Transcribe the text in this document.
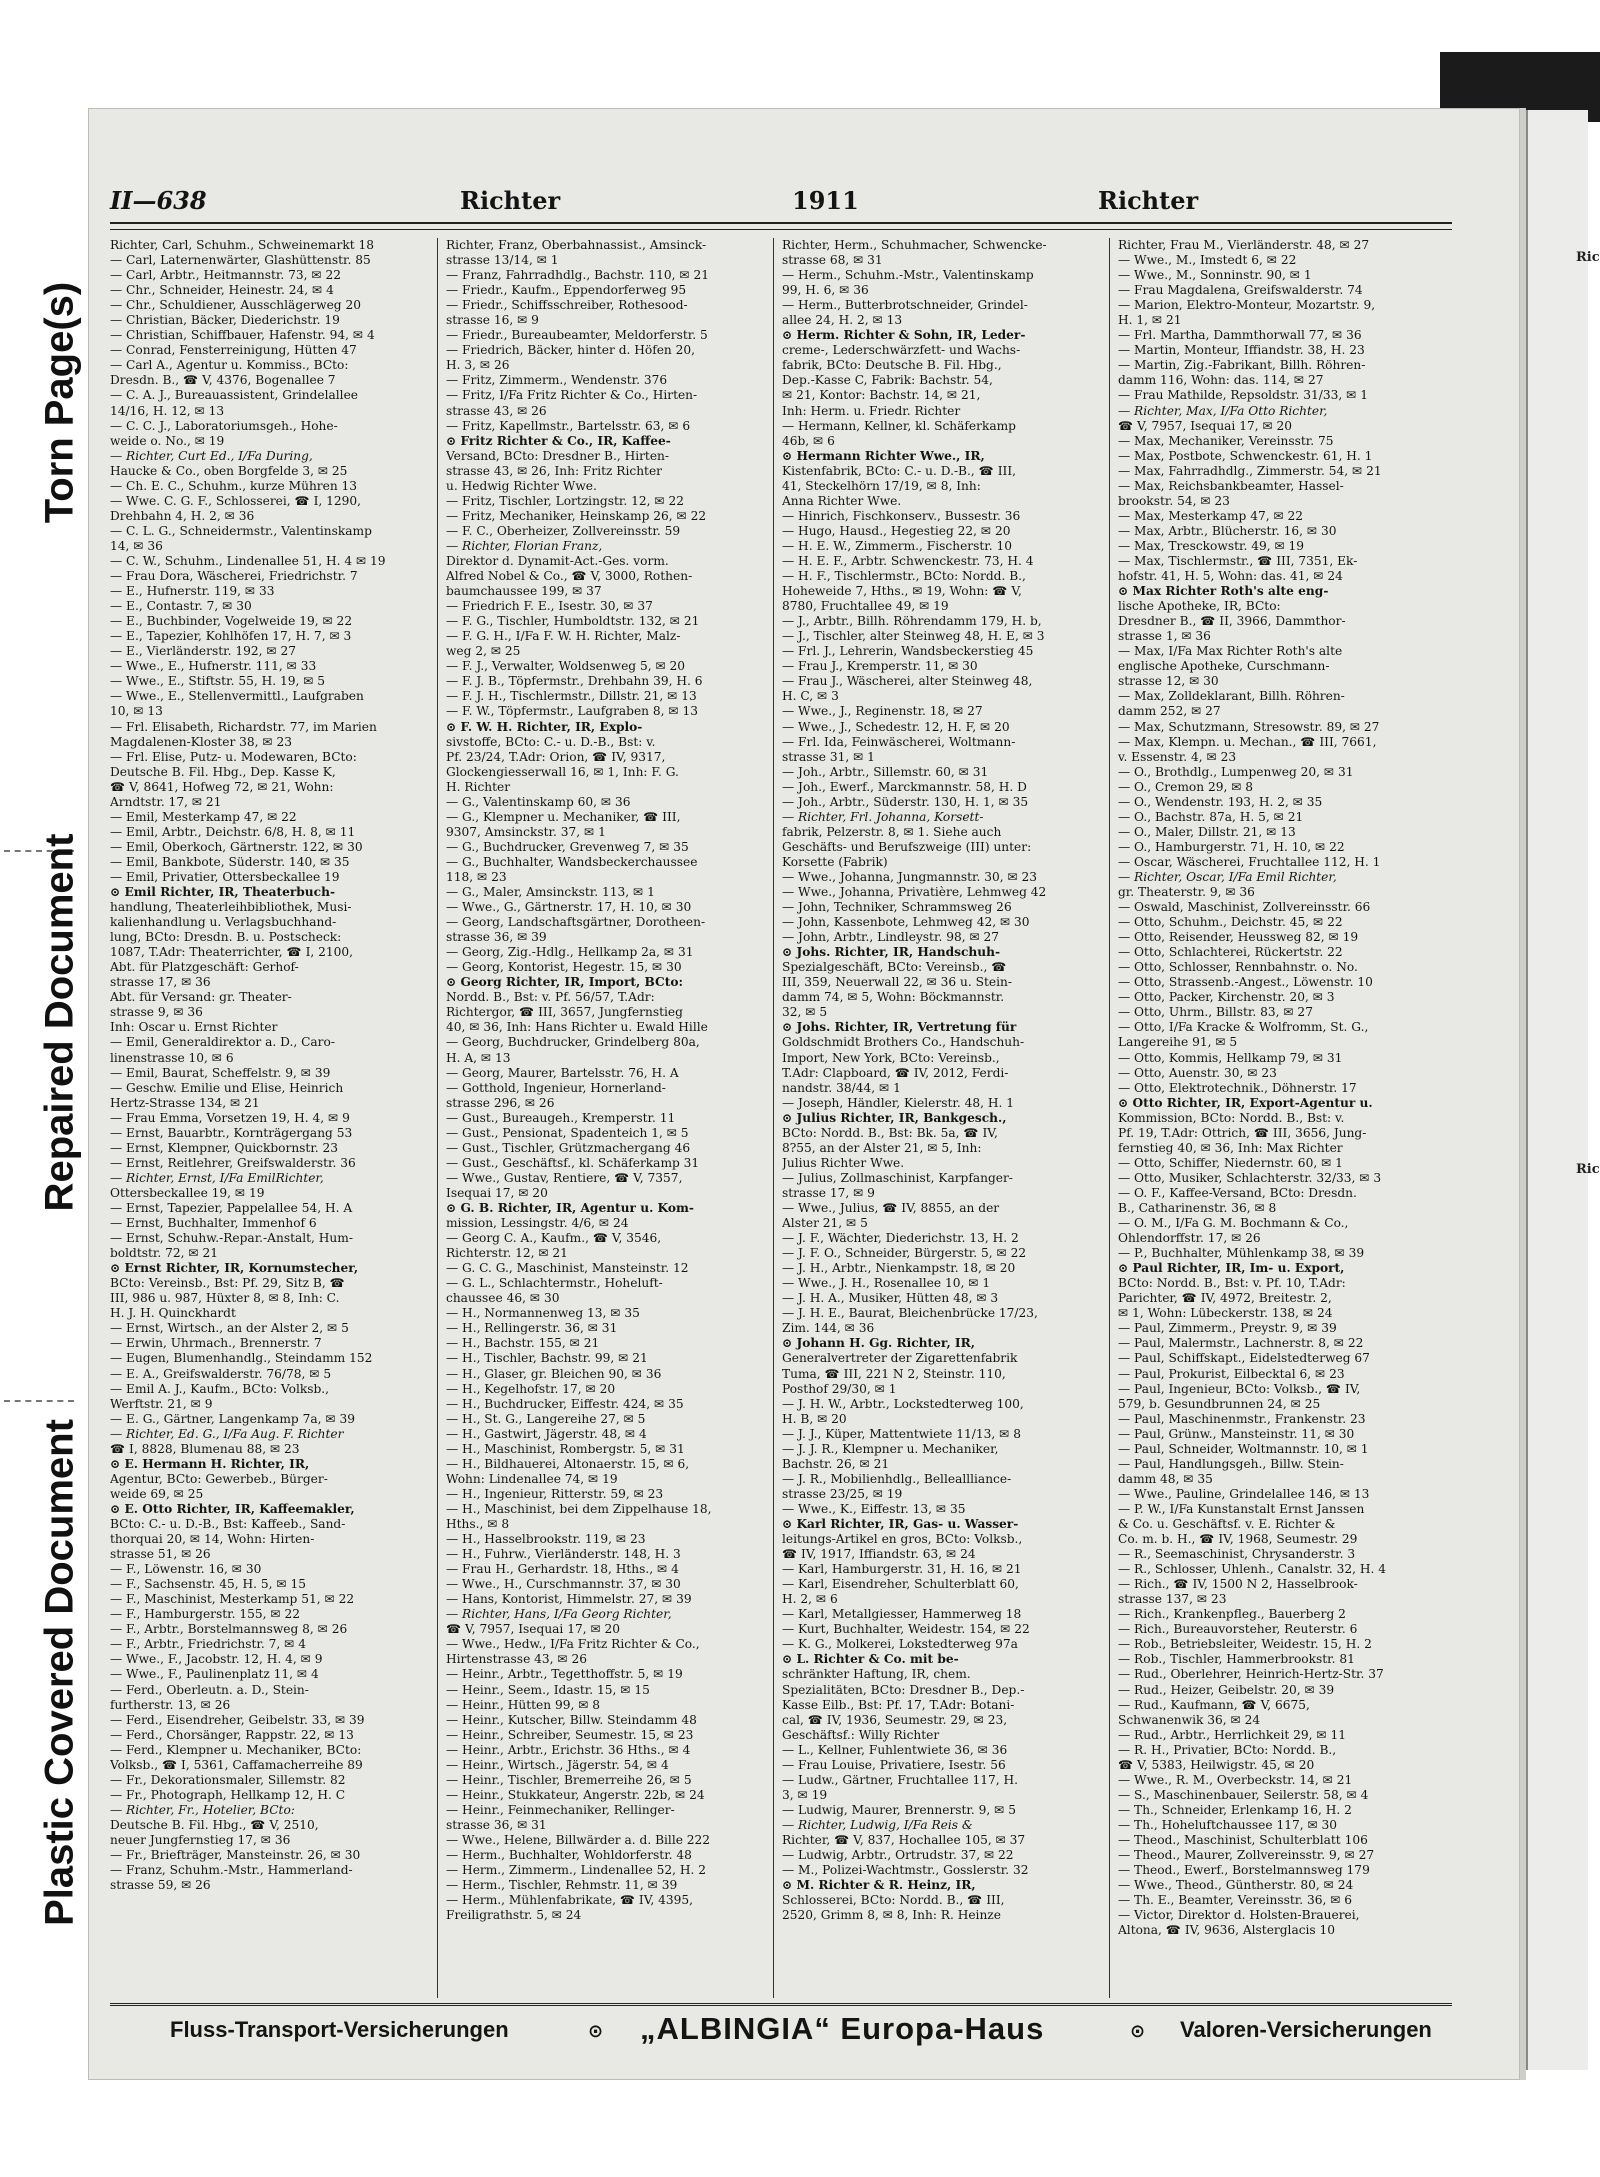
Torn Page(s)
Repaired Document
Plastic Covered Document
Ric
Ric
II—638	Richter	1911	Richter
Richter, Carl, Schuhm., Schweinemarkt 18
— Carl, Laternenwärter, Glashüttenstr. 85
— Carl, Arbtr., Heitmannstr. 73, ✉ 22
— Chr., Schneider, Heinestr. 24, ✉ 4
— Chr., Schuldiener, Ausschlägerweg 20
— Christian, Bäcker, Diederichstr. 19
— Christian, Schiffbauer, Hafenstr. 94, ✉ 4
— Conrad, Fensterreinigung, Hütten 47
— Carl A., Agentur u. Kommiss., BCto:
Dresdn. B., ☎ V, 4376, Bogenallee 7
— C. A. J., Bureauassistent, Grindelallee
14/16, H. 12, ✉ 13
— C. C. J., Laboratoriumsgeh., Hohe-
weide o. No., ✉ 19
— Richter, Curt Ed., I/Fa During,
Haucke & Co., oben Borgfelde 3, ✉ 25
— Ch. E. C., Schuhm., kurze Mühren 13
— Wwe. C. G. F., Schlosserei, ☎ I, 1290,
Drehbahn 4, H. 2, ✉ 36
— C. L. G., Schneidermstr., Valentinskamp
14, ✉ 36
— C. W., Schuhm., Lindenallee 51, H. 4 ✉ 19
— Frau Dora, Wäscherei, Friedrichstr. 7
— E., Hufnerstr. 119, ✉ 33
— E., Contastr. 7, ✉ 30
— E., Buchbinder, Vogelweide 19, ✉ 22
— E., Tapezier, Kohlhöfen 17, H. 7, ✉ 3
— E., Vierländerstr. 192, ✉ 27
— Wwe., E., Hufnerstr. 111, ✉ 33
— Wwe., E., Stiftstr. 55, H. 19, ✉ 5
— Wwe., E., Stellenvermittl., Laufgraben
10, ✉ 13
— Frl. Elisabeth, Richardstr. 77, im Marien
Magdalenen-Kloster 38, ✉ 23
— Frl. Elise, Putz- u. Modewaren, BCto:
Deutsche B. Fil. Hbg., Dep. Kasse K,
☎ V, 8641, Hofweg 72, ✉ 21, Wohn:
Arndtstr. 17, ✉ 21
— Emil, Mesterkamp 47, ✉ 22
— Emil, Arbtr., Deichstr. 6/8, H. 8, ✉ 11
— Emil, Oberkoch, Gärtnerstr. 122, ✉ 30
— Emil, Bankbote, Süderstr. 140, ✉ 35
— Emil, Privatier, Ottersbeckallee 19
⊙ Emil Richter, IR, Theaterbuch-
handlung, Theaterleihbibliothek, Musi-
kalienhandlung u. Verlagsbuchhand-
lung, BCto: Dresdn. B. u. Postscheck:
1087, T.Adr: Theaterrichter, ☎ I, 2100,
Abt. für Platzgeschäft: Gerhof-
strasse 17, ✉ 36
Abt. für Versand: gr. Theater-
strasse 9, ✉ 36
Inh: Oscar u. Ernst Richter
— Emil, Generaldirektor a. D., Caro-
linenstrasse 10, ✉ 6
— Emil, Baurat, Scheffelstr. 9, ✉ 39
— Geschw. Emilie und Elise, Heinrich
Hertz-Strasse 134, ✉ 21
— Frau Emma, Vorsetzen 19, H. 4, ✉ 9
— Ernst, Bauarbtr., Kornträgergang 53
— Ernst, Klempner, Quickbornstr. 23
— Ernst, Reitlehrer, Greifswalderstr. 36
— Richter, Ernst, I/Fa EmilRichter,
Ottersbeckallee 19, ✉ 19
— Ernst, Tapezier, Pappelallee 54, H. A
— Ernst, Buchhalter, Immenhof 6
— Ernst, Schuhw.-Repar.-Anstalt, Hum-
boldtstr. 72, ✉ 21
⊙ Ernst Richter, IR, Kornumstecher,
BCto: Vereinsb., Bst: Pf. 29, Sitz B, ☎
III, 986 u. 987, Hüxter 8, ✉ 8, Inh: C.
H. J. H. Quinckhardt
— Ernst, Wirtsch., an der Alster 2, ✉ 5
— Erwin, Uhrmach., Brennerstr. 7
— Eugen, Blumenhandlg., Steindamm 152
— E. A., Greifswalderstr. 76/78, ✉ 5
— Emil A. J., Kaufm., BCto: Volksb.,
Werftstr. 21, ✉ 9
— E. G., Gärtner, Langenkamp 7a, ✉ 39
— Richter, Ed. G., I/Fa Aug. F. Richter
☎ I, 8828, Blumenau 88, ✉ 23
⊙ E. Hermann H. Richter, IR,
Agentur, BCto: Gewerbeb., Bürger-
weide 69, ✉ 25
⊙ E. Otto Richter, IR, Kaffeemakler,
BCto: C.- u. D.-B., Bst: Kaffeeb., Sand-
thorquai 20, ✉ 14, Wohn: Hirten-
strasse 51, ✉ 26
— F., Löwenstr. 16, ✉ 30
— F., Sachsenstr. 45, H. 5, ✉ 15
— F., Maschinist, Mesterkamp 51, ✉ 22
— F., Hamburgerstr. 155, ✉ 22
— F., Arbtr., Borstelmannsweg 8, ✉ 26
— F., Arbtr., Friedrichstr. 7, ✉ 4
— Wwe., F., Jacobstr. 12, H. 4, ✉ 9
— Wwe., F., Paulinenplatz 11, ✉ 4
— Ferd., Oberleutn. a. D., Stein-
furtherstr. 13, ✉ 26
— Ferd., Eisendreher, Geibelstr. 33, ✉ 39
— Ferd., Chorsänger, Rappstr. 22, ✉ 13
— Ferd., Klempner u. Mechaniker, BCto:
Volksb., ☎ I, 5361, Caffamacherreihe 89
— Fr., Dekorationsmaler, Sillemstr. 82
— Fr., Photograph, Hellkamp 12, H. C
— Richter, Fr., Hotelier, BCto:
Deutsche B. Fil. Hbg., ☎ V, 2510,
neuer Jungfernstieg 17, ✉ 36
— Fr., Briefträger, Mansteinstr. 26, ✉ 30
— Franz, Schuhm.-Mstr., Hammerland-
strasse 59, ✉ 26
Richter, Franz, Oberbahnassist., Amsinck-
strasse 13/14, ✉ 1
— Franz, Fahrradhdlg., Bachstr. 110, ✉ 21
— Friedr., Kaufm., Eppendorferweg 95
— Friedr., Schiffsschreiber, Rothesood-
strasse 16, ✉ 9
— Friedr., Bureaubeamter, Meldorferstr. 5
— Friedrich, Bäcker, hinter d. Höfen 20,
H. 3, ✉ 26
— Fritz, Zimmerm., Wendenstr. 376
— Fritz, I/Fa Fritz Richter & Co., Hirten-
strasse 43, ✉ 26
— Fritz, Kapellmstr., Bartelsstr. 63, ✉ 6
⊙ Fritz Richter & Co., IR, Kaffee-
Versand, BCto: Dresdner B., Hirten-
strasse 43, ✉ 26, Inh: Fritz Richter
u. Hedwig Richter Wwe.
— Fritz, Tischler, Lortzingstr. 12, ✉ 22
— Fritz, Mechaniker, Heinskamp 26, ✉ 22
— F. C., Oberheizer, Zollvereinsstr. 59
— Richter, Florian Franz,
Direktor d. Dynamit-Act.-Ges. vorm.
Alfred Nobel & Co., ☎ V, 3000, Rothen-
baumchaussee 199, ✉ 37
— Friedrich F. E., Isestr. 30, ✉ 37
— F. G., Tischler, Humboldtstr. 132, ✉ 21
— F. G. H., I/Fa F. W. H. Richter, Malz-
weg 2, ✉ 25
— F. J., Verwalter, Woldsenweg 5, ✉ 20
— F. J. B., Töpfermstr., Drehbahn 39, H. 6
— F. J. H., Tischlermstr., Dillstr. 21, ✉ 13
— F. W., Töpfermstr., Laufgraben 8, ✉ 13
⊙ F. W. H. Richter, IR, Explo-
sivstoffe, BCto: C.- u. D.-B., Bst: v.
Pf. 23/24, T.Adr: Orion, ☎ IV, 9317,
Glockengiesserwall 16, ✉ 1, Inh: F. G.
H. Richter
— G., Valentinskamp 60, ✉ 36
— G., Klempner u. Mechaniker, ☎ III,
9307, Amsinckstr. 37, ✉ 1
— G., Buchdrucker, Grevenweg 7, ✉ 35
— G., Buchhalter, Wandsbeckerchaussee
118, ✉ 23
— G., Maler, Amsinckstr. 113, ✉ 1
— Wwe., G., Gärtnerstr. 17, H. 10, ✉ 30
— Georg, Landschaftsgärtner, Dorotheen-
strasse 36, ✉ 39
— Georg, Zig.-Hdlg., Hellkamp 2a, ✉ 31
— Georg, Kontorist, Hegestr. 15, ✉ 30
⊙ Georg Richter, IR, Import, BCto:
Nordd. B., Bst: v. Pf. 56/57, T.Adr:
Richtergor, ☎ III, 3657, Jungfernstieg
40, ✉ 36, Inh: Hans Richter u. Ewald Hille
— Georg, Buchdrucker, Grindelberg 80a,
H. A, ✉ 13
— Georg, Maurer, Bartelsstr. 76, H. A
— Gotthold, Ingenieur, Hornerland-
strasse 296, ✉ 26
— Gust., Bureaugeh., Kremperstr. 11
— Gust., Pensionat, Spadenteich 1, ✉ 5
— Gust., Tischler, Grützmachergang 46
— Gust., Geschäftsf., kl. Schäferkamp 31
— Wwe., Gustav, Rentiere, ☎ V, 7357,
Isequai 17, ✉ 20
⊙ G. B. Richter, IR, Agentur u. Kom-
mission, Lessingstr. 4/6, ✉ 24
— Georg C. A., Kaufm., ☎ V, 3546,
Richterstr. 12, ✉ 21
— G. C. G., Maschinist, Mansteinstr. 12
— G. L., Schlachtermstr., Hoheluft-
chaussee 46, ✉ 30
— H., Normannenweg 13, ✉ 35
— H., Rellingerstr. 36, ✉ 31
— H., Bachstr. 155, ✉ 21
— H., Tischler, Bachstr. 99, ✉ 21
— H., Glaser, gr. Bleichen 90, ✉ 36
— H., Kegelhofstr. 17, ✉ 20
— H., Buchdrucker, Eiffestr. 424, ✉ 35
— H., St. G., Langereihe 27, ✉ 5
— H., Gastwirt, Jägerstr. 48, ✉ 4
— H., Maschinist, Rombergstr. 5, ✉ 31
— H., Bildhauerei, Altonaerstr. 15, ✉ 6,
Wohn: Lindenallee 74, ✉ 19
— H., Ingenieur, Ritterstr. 59, ✉ 23
— H., Maschinist, bei dem Zippelhause 18,
Hths., ✉ 8
— H., Hasselbrookstr. 119, ✉ 23
— H., Fuhrw., Vierländerstr. 148, H. 3
— Frau H., Gerhardstr. 18, Hths., ✉ 4
— Wwe., H., Curschmannstr. 37, ✉ 30
— Hans, Kontorist, Himmelstr. 27, ✉ 39
— Richter, Hans, I/Fa Georg Richter,
☎ V, 7957, Isequai 17, ✉ 20
— Wwe., Hedw., I/Fa Fritz Richter & Co.,
Hirtenstrasse 43, ✉ 26
— Heinr., Arbtr., Tegetthoffstr. 5, ✉ 19
— Heinr., Seem., Idastr. 15, ✉ 15
— Heinr., Hütten 99, ✉ 8
— Heinr., Kutscher, Billw. Steindamm 48
— Heinr., Schreiber, Seumestr. 15, ✉ 23
— Heinr., Arbtr., Erichstr. 36 Hths., ✉ 4
— Heinr., Wirtsch., Jägerstr. 54, ✉ 4
— Heinr., Tischler, Bremerreihe 26, ✉ 5
— Heinr., Stukkateur, Angerstr. 22b, ✉ 24
— Heinr., Feinmechaniker, Rellinger-
strasse 36, ✉ 31
— Wwe., Helene, Billwärder a. d. Bille 222
— Herm., Buchhalter, Wohldorferstr. 48
— Herm., Zimmerm., Lindenallee 52, H. 2
— Herm., Tischler, Rehmstr. 11, ✉ 39
— Herm., Mühlenfabrikate, ☎ IV, 4395,
Freiligrathstr. 5, ✉ 24
Richter, Herm., Schuhmacher, Schwencke-
strasse 68, ✉ 31
— Herm., Schuhm.-Mstr., Valentinskamp
99, H. 6, ✉ 36
— Herm., Butterbrotschneider, Grindel-
allee 24, H. 2, ✉ 13
⊙ Herm. Richter & Sohn, IR, Leder-
creme-, Lederschwärzfett- und Wachs-
fabrik, BCto: Deutsche B. Fil. Hbg.,
Dep.-Kasse C, Fabrik: Bachstr. 54,
✉ 21, Kontor: Bachstr. 14, ✉ 21,
Inh: Herm. u. Friedr. Richter
— Hermann, Kellner, kl. Schäferkamp
46b, ✉ 6
⊙ Hermann Richter Wwe., IR,
Kistenfabrik, BCto: C.- u. D.-B., ☎ III,
41, Steckelhörn 17/19, ✉ 8, Inh:
Anna Richter Wwe.
— Hinrich, Fischkonserv., Bussestr. 36
— Hugo, Hausd., Hegestieg 22, ✉ 20
— H. E. W., Zimmerm., Fischerstr. 10
— H. E. F., Arbtr. Schwenckestr. 73, H. 4
— H. F., Tischlermstr., BCto: Nordd. B.,
Hoheweide 7, Hths., ✉ 19, Wohn: ☎ V,
8780, Fruchtallee 49, ✉ 19
— J., Arbtr., Billh. Röhrendamm 179, H. b,
— J., Tischler, alter Steinweg 48, H. E, ✉ 3
— Frl. J., Lehrerin, Wandsbeckerstieg 45
— Frau J., Kremperstr. 11, ✉ 30
— Frau J., Wäscherei, alter Steinweg 48,
H. C, ✉ 3
— Wwe., J., Reginenstr. 18, ✉ 27
— Wwe., J., Schedestr. 12, H. F, ✉ 20
— Frl. Ida, Feinwäscherei, Woltmann-
strasse 31, ✉ 1
— Joh., Arbtr., Sillemstr. 60, ✉ 31
— Joh., Ewerf., Marckmannstr. 58, H. D
— Joh., Arbtr., Süderstr. 130, H. 1, ✉ 35
— Richter, Frl. Johanna, Korsett-
fabrik, Pelzerstr. 8, ✉ 1. Siehe auch
Geschäfts- und Berufszweige (III) unter:
Korsette (Fabrik)
— Wwe., Johanna, Jungmannstr. 30, ✉ 23
— Wwe., Johanna, Privatière, Lehmweg 42
— John, Techniker, Schrammsweg 26
— John, Kassenbote, Lehmweg 42, ✉ 30
— John, Arbtr., Lindleystr. 98, ✉ 27
⊙ Johs. Richter, IR, Handschuh-
Spezialgeschäft, BCto: Vereinsb., ☎
III, 359, Neuerwall 22, ✉ 36 u. Stein-
damm 74, ✉ 5, Wohn: Böckmannstr.
32, ✉ 5
⊙ Johs. Richter, IR, Vertretung für
Goldschmidt Brothers Co., Handschuh-
Import, New York, BCto: Vereinsb.,
T.Adr: Clapboard, ☎ IV, 2012, Ferdi-
nandstr. 38/44, ✉ 1
— Joseph, Händler, Kielerstr. 48, H. 1
⊙ Julius Richter, IR, Bankgesch.,
BCto: Nordd. B., Bst: Bk. 5a, ☎ IV,
8?55, an der Alster 21, ✉ 5, Inh:
Julius Richter Wwe.
— Julius, Zollmaschinist, Karpfanger-
strasse 17, ✉ 9
— Wwe., Julius, ☎ IV, 8855, an der
Alster 21, ✉ 5
— J. F., Wächter, Diederichstr. 13, H. 2
— J. F. O., Schneider, Bürgerstr. 5, ✉ 22
— J. H., Arbtr., Nienkampstr. 18, ✉ 20
— Wwe., J. H., Rosenallee 10, ✉ 1
— J. H. A., Musiker, Hütten 48, ✉ 3
— J. H. E., Baurat, Bleichenbrücke 17/23,
Zim. 144, ✉ 36
⊙ Johann H. Gg. Richter, IR,
Generalvertreter der Zigarettenfabrik
Tuma, ☎ III, 221 N 2, Steinstr. 110,
Posthof 29/30, ✉ 1
— J. H. W., Arbtr., Lockstedterweg 100,
H. B, ✉ 20
— J. J., Küper, Mattentwiete 11/13, ✉ 8
— J. J. R., Klempner u. Mechaniker,
Bachstr. 26, ✉ 21
— J. R., Mobilienhdlg., Belleallliance-
strasse 23/25, ✉ 19
— Wwe., K., Eiffestr. 13, ✉ 35
⊙ Karl Richter, IR, Gas- u. Wasser-
leitungs-Artikel en gros, BCto: Volksb.,
☎ IV, 1917, Iffiandstr. 63, ✉ 24
— Karl, Hamburgerstr. 31, H. 16, ✉ 21
— Karl, Eisendreher, Schulterblatt 60,
H. 2, ✉ 6
— Karl, Metallgiesser, Hammerweg 18
— Kurt, Buchhalter, Weidestr. 154, ✉ 22
— K. G., Molkerei, Lokstedterweg 97a
⊙ L. Richter & Co. mit be-
schränkter Haftung, IR, chem.
Spezialitäten, BCto: Dresdner B., Dep.-
Kasse Eilb., Bst: Pf. 17, T.Adr: Botani-
cal, ☎ IV, 1936, Seumestr. 29, ✉ 23,
Geschäftsf.: Willy Richter
— L., Kellner, Fuhlentwiete 36, ✉ 36
— Frau Louise, Privatiere, Isestr. 56
— Ludw., Gärtner, Fruchtallee 117, H.
3, ✉ 19
— Ludwig, Maurer, Brennerstr. 9, ✉ 5
— Richter, Ludwig, I/Fa Reis &
Richter, ☎ V, 837, Hochallee 105, ✉ 37
— Ludwig, Arbtr., Ortrudstr. 37, ✉ 22
— M., Polizei-Wachtmstr., Gosslerstr. 32
⊙ M. Richter & R. Heinz, IR,
Schlosserei, BCto: Nordd. B., ☎ III,
2520, Grimm 8, ✉ 8, Inh: R. Heinze
Richter, Frau M., Vierländerstr. 48, ✉ 27
— Wwe., M., Imstedt 6, ✉ 22
— Wwe., M., Sonninstr. 90, ✉ 1
— Frau Magdalena, Greifswalderstr. 74
— Marion, Elektro-Monteur, Mozartstr. 9,
H. 1, ✉ 21
— Frl. Martha, Dammthorwall 77, ✉ 36
— Martin, Monteur, Iffiandstr. 38, H. 23
— Martin, Zig.-Fabrikant, Billh. Röhren-
damm 116, Wohn: das. 114, ✉ 27
— Frau Mathilde, Repsoldstr. 31/33, ✉ 1
— Richter, Max, I/Fa Otto Richter,
☎ V, 7957, Isequai 17, ✉ 20
— Max, Mechaniker, Vereinsstr. 75
— Max, Postbote, Schwenckestr. 61, H. 1
— Max, Fahrradhdlg., Zimmerstr. 54, ✉ 21
— Max, Reichsbankbeamter, Hassel-
brookstr. 54, ✉ 23
— Max, Mesterkamp 47, ✉ 22
— Max, Arbtr., Blücherstr. 16, ✉ 30
— Max, Tresckowstr. 49, ✉ 19
— Max, Tischlermstr., ☎ III, 7351, Ek-
hofstr. 41, H. 5, Wohn: das. 41, ✉ 24
⊙ Max Richter Roth's alte eng-
lische Apotheke, IR, BCto:
Dresdner B., ☎ II, 3966, Dammthor-
strasse 1, ✉ 36
— Max, I/Fa Max Richter Roth's alte
englische Apotheke, Curschmann-
strasse 12, ✉ 30
— Max, Zolldeklarant, Billh. Röhren-
damm 252, ✉ 27
— Max, Schutzmann, Stresowstr. 89, ✉ 27
— Max, Klempn. u. Mechan., ☎ III, 7661,
v. Essenstr. 4, ✉ 23
— O., Brothdlg., Lumpenweg 20, ✉ 31
— O., Cremon 29, ✉ 8
— O., Wendenstr. 193, H. 2, ✉ 35
— O., Bachstr. 87a, H. 5, ✉ 21
— O., Maler, Dillstr. 21, ✉ 13
— O., Hamburgerstr. 71, H. 10, ✉ 22
— Oscar, Wäscherei, Fruchtallee 112, H. 1
— Richter, Oscar, I/Fa Emil Richter,
gr. Theaterstr. 9, ✉ 36
— Oswald, Maschinist, Zollvereinsstr. 66
— Otto, Schuhm., Deichstr. 45, ✉ 22
— Otto, Reisender, Heussweg 82, ✉ 19
— Otto, Schlachterei, Rückertstr. 22
— Otto, Schlosser, Rennbahnstr. o. No.
— Otto, Strassenb.-Angest., Löwenstr. 10
— Otto, Packer, Kirchenstr. 20, ✉ 3
— Otto, Uhrm., Billstr. 83, ✉ 27
— Otto, I/Fa Kracke & Wolfromm, St. G.,
Langereihe 91, ✉ 5
— Otto, Kommis, Hellkamp 79, ✉ 31
— Otto, Auenstr. 30, ✉ 23
— Otto, Elektrotechnik., Döhnerstr. 17
⊙ Otto Richter, IR, Export-Agentur u.
Kommission, BCto: Nordd. B., Bst: v.
Pf. 19, T.Adr: Ottrich, ☎ III, 3656, Jung-
fernstieg 40, ✉ 36, Inh: Max Richter
— Otto, Schiffer, Niedernstr. 60, ✉ 1
— Otto, Musiker, Schlachterstr. 32/33, ✉ 3
— O. F., Kaffee-Versand, BCto: Dresdn.
B., Catharinenstr. 36, ✉ 8
— O. M., I/Fa G. M. Bochmann & Co.,
Ohlendorffstr. 17, ✉ 26
— P., Buchhalter, Mühlenkamp 38, ✉ 39
⊙ Paul Richter, IR, Im- u. Export,
BCto: Nordd. B., Bst: v. Pf. 10, T.Adr:
Parichter, ☎ IV, 4972, Breitestr. 2,
✉ 1, Wohn: Lübeckerstr. 138, ✉ 24
— Paul, Zimmerm., Preystr. 9, ✉ 39
— Paul, Malermstr., Lachnerstr. 8, ✉ 22
— Paul, Schiffskapt., Eidelstedterweg 67
— Paul, Prokurist, Eilbecktal 6, ✉ 23
— Paul, Ingenieur, BCto: Volksb., ☎ IV,
579, b. Gesundbrunnen 24, ✉ 25
— Paul, Maschinenmstr., Frankenstr. 23
— Paul, Grünw., Mansteinstr. 11, ✉ 30
— Paul, Schneider, Woltmannstr. 10, ✉ 1
— Paul, Handlungsgeh., Billw. Stein-
damm 48, ✉ 35
— Wwe., Pauline, Grindelallee 146, ✉ 13
— P. W., I/Fa Kunstanstalt Ernst Janssen
& Co. u. Geschäftsf. v. E. Richter &
Co. m. b. H., ☎ IV, 1968, Seumestr. 29
— R., Seemaschinist, Chrysanderstr. 3
— R., Schlosser, Uhlenh., Canalstr. 32, H. 4
— Rich., ☎ IV, 1500 N 2, Hasselbrook-
strasse 137, ✉ 23
— Rich., Krankenpfleg., Bauerberg 2
— Rich., Bureauvorsteher, Reuterstr. 6
— Rob., Betriebsleiter, Weidestr. 15, H. 2
— Rob., Tischler, Hammerbrookstr. 81
— Rud., Oberlehrer, Heinrich-Hertz-Str. 37
— Rud., Heizer, Geibelstr. 20, ✉ 39
— Rud., Kaufmann, ☎ V, 6675,
Schwanenwik 36, ✉ 24
— Rud., Arbtr., Herrlichkeit 29, ✉ 11
— R. H., Privatier, BCto: Nordd. B.,
☎ V, 5383, Heilwigstr. 45, ✉ 20
— Wwe., R. M., Overbeckstr. 14, ✉ 21
— S., Maschinenbauer, Seilerstr. 58, ✉ 4
— Th., Schneider, Erlenkamp 16, H. 2
— Th., Hoheluftchaussee 117, ✉ 30
— Theod., Maschinist, Schulterblatt 106
— Theod., Maurer, Zollvereinsstr. 9, ✉ 27
— Theod., Ewerf., Borstelmannsweg 179
— Wwe., Theod., Güntherstr. 80, ✉ 24
— Th. E., Beamter, Vereinsstr. 36, ✉ 6
— Victor, Direktor d. Holsten-Brauerei,
Altona, ☎ IV, 9636, Alsterglacis 10
Fluss-Transport-Versicherungen	⊙ „ALBINGIA“ Europa-Haus	⊙ Valoren-Versicherungen
